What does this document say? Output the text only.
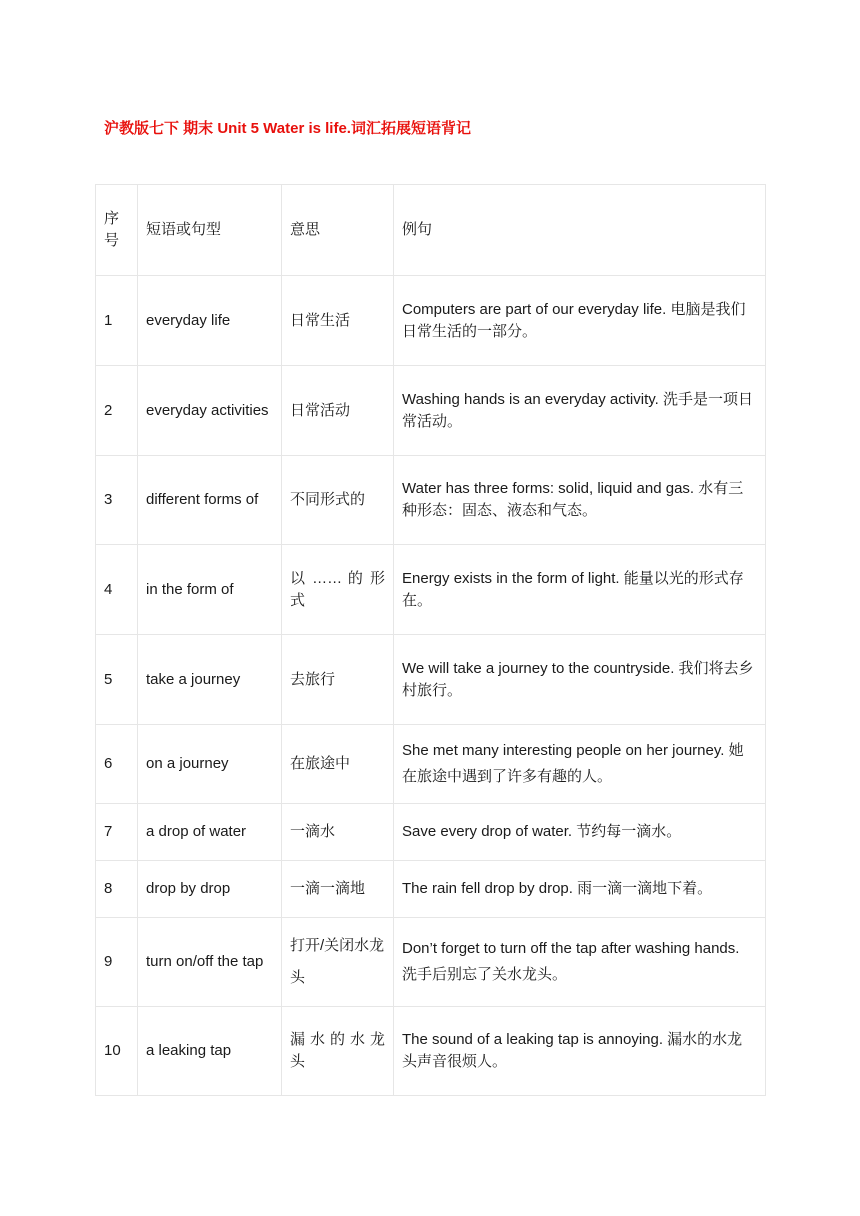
沪教版七下 期末 Unit 5 Water is life.词汇拓展短语背记
序号	短语或句型	意思	例句
1	everyday life	日常生活	Computers are part of our everyday life. 电脑是我们日常生活的一部分。
2	everyday activities	日常活动	Washing hands is an everyday activity. 洗手是一项日常活动。
3	different forms of	不同形式的	Water has three forms: solid, liquid and gas. 水有三种形态：固态、液态和气态。
4	in the form of	以 …… 的 形式	Energy exists in the form of light. 能量以光的形式存在。
5	take a journey	去旅行	We will take a journey to the countryside. 我们将去乡村旅行。
6	on a journey	在旅途中	She met many interesting people on her journey. 她在旅途中遇到了许多有趣的人。
7	a drop of water	一滴水	Save every drop of water. 节约每一滴水。
8	drop by drop	一滴一滴地	The rain fell drop by drop. 雨一滴一滴地下着。
9	turn on/off the tap	打开/关闭水龙头	Don’t forget to turn off the tap after washing hands. 洗手后别忘了关水龙头。
10	a leaking tap	漏 水 的 水 龙 头	The sound of a leaking tap is annoying. 漏水的水龙头声音很烦人。
